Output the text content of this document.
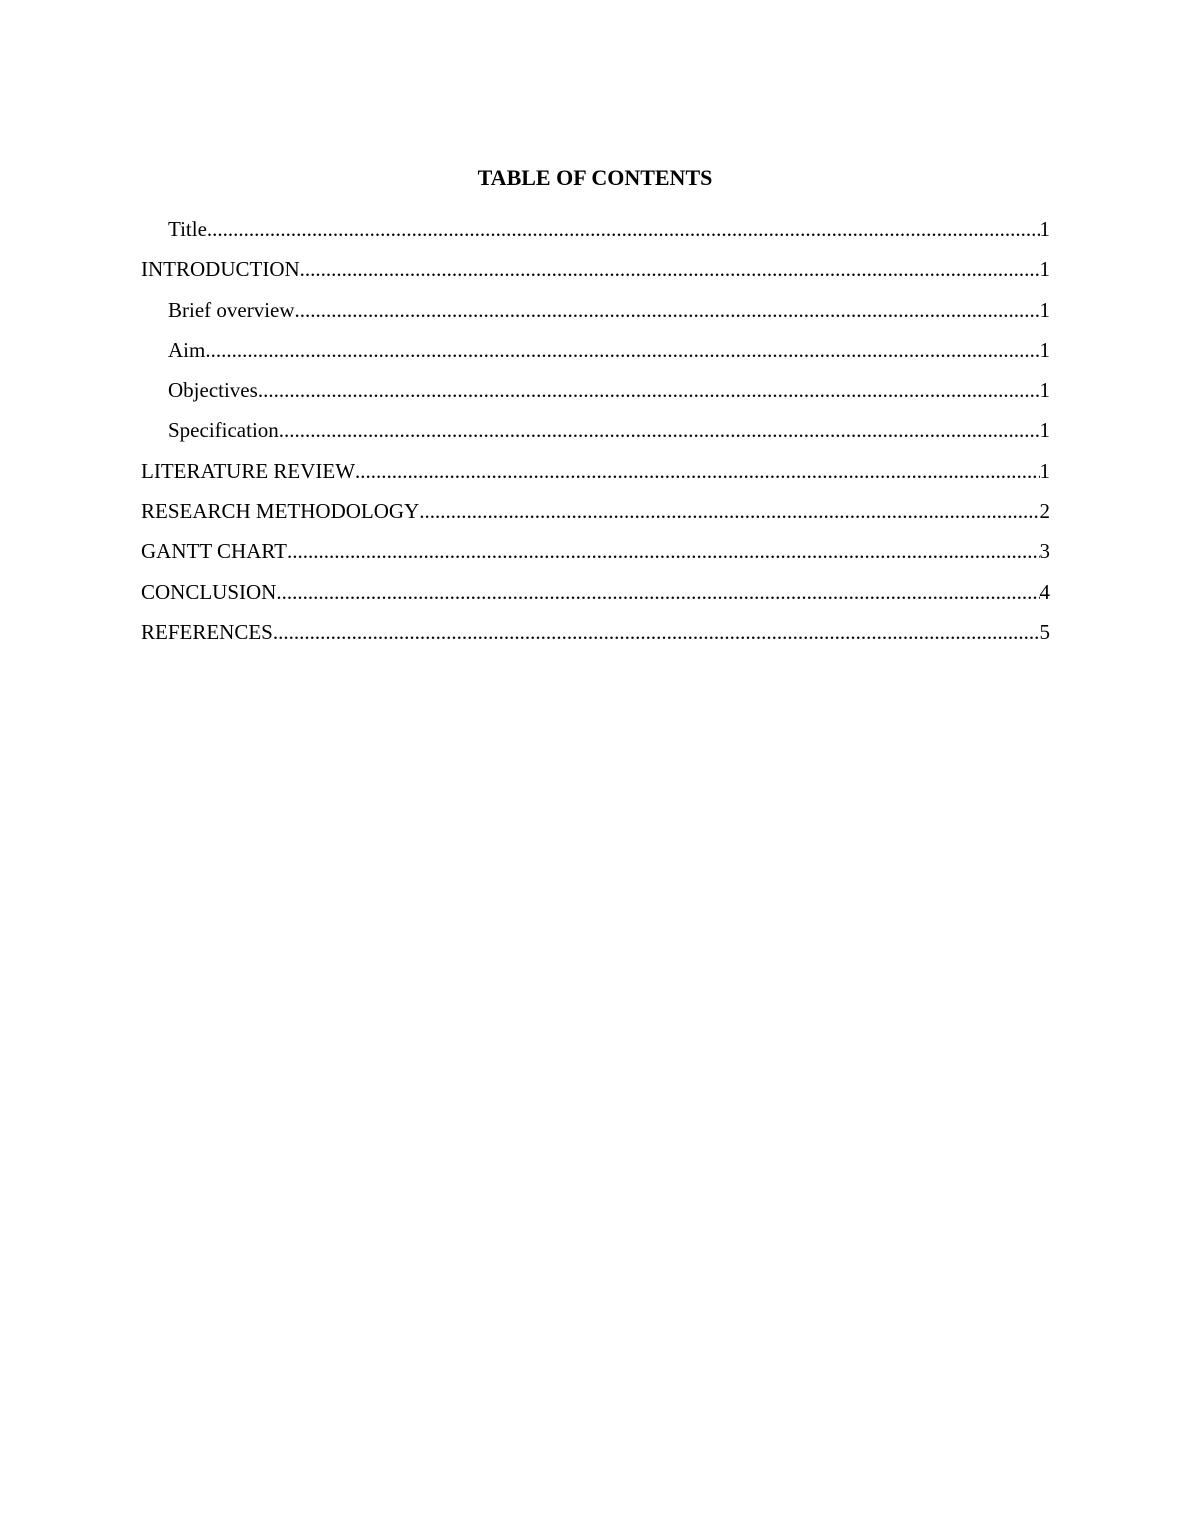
TABLE OF CONTENTS
Title .....	1
INTRODUCTION .....	1
Brief overview .....	1
Aim .....	1
Objectives .....	1
Specification .....	1
LITERATURE REVIEW .....	1
RESEARCH METHODOLOGY .....	2
GANTT CHART .....	3
CONCLUSION .....	4
REFERENCES .....	5
